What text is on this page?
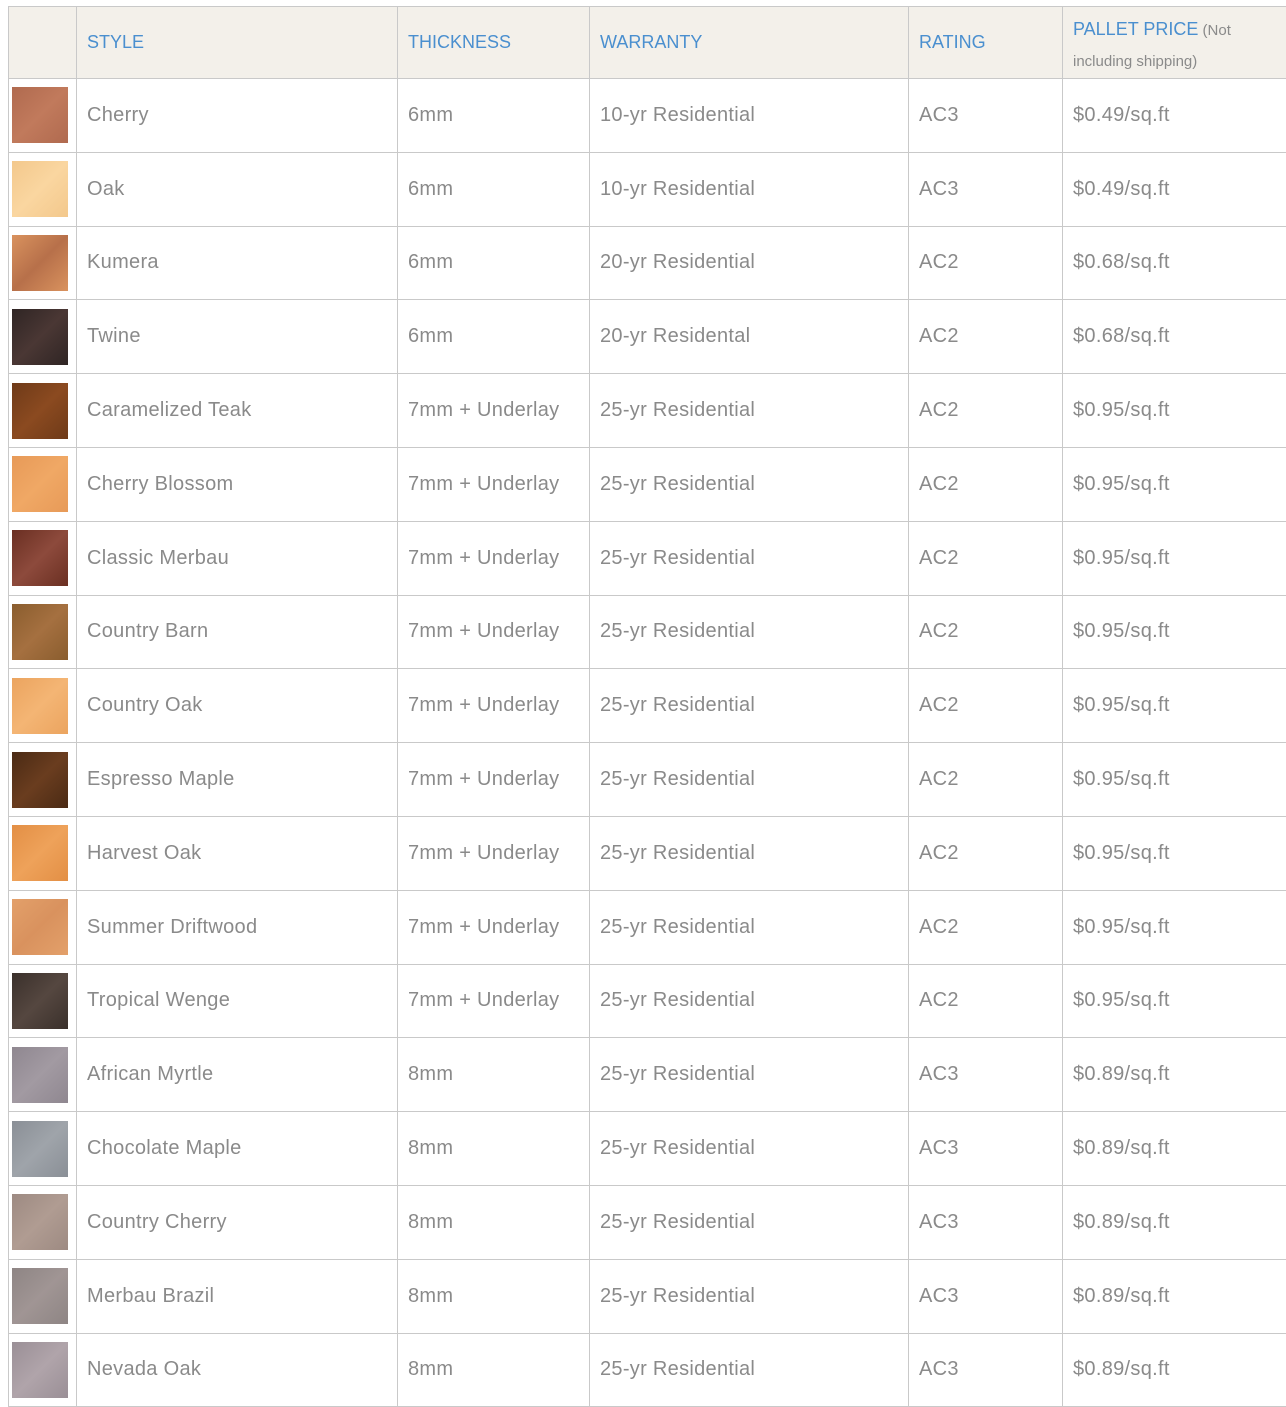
	STYLE	THICKNESS	WARRANTY	RATING	PALLET PRICE (Not
including shipping)

	Cherry	6mm	10-yr Residential	AC3	$0.49/sq.ft

	Oak	6mm	10-yr Residential	AC3	$0.49/sq.ft

	Kumera	6mm	20-yr Residential	AC2	$0.68/sq.ft

	Twine	6mm	20-yr Residental	AC2	$0.68/sq.ft

	Caramelized Teak	7mm + Underlay	25-yr Residential	AC2	$0.95/sq.ft

	Cherry Blossom	7mm + Underlay	25-yr Residential	AC2	$0.95/sq.ft

	Classic Merbau	7mm + Underlay	25-yr Residential	AC2	$0.95/sq.ft

	Country Barn	7mm + Underlay	25-yr Residential	AC2	$0.95/sq.ft

	Country Oak	7mm + Underlay	25-yr Residential	AC2	$0.95/sq.ft

	Espresso Maple	7mm + Underlay	25-yr Residential	AC2	$0.95/sq.ft

	Harvest Oak	7mm + Underlay	25-yr Residential	AC2	$0.95/sq.ft

	Summer Driftwood	7mm + Underlay	25-yr Residential	AC2	$0.95/sq.ft

	Tropical Wenge	7mm + Underlay	25-yr Residential	AC2	$0.95/sq.ft

	African Myrtle	8mm	25-yr Residential	AC3	$0.89/sq.ft

	Chocolate Maple	8mm	25-yr Residential	AC3	$0.89/sq.ft

	Country Cherry	8mm	25-yr Residential	AC3	$0.89/sq.ft

	Merbau Brazil	8mm	25-yr Residential	AC3	$0.89/sq.ft

	Nevada Oak	8mm	25-yr Residential	AC3	$0.89/sq.ft
